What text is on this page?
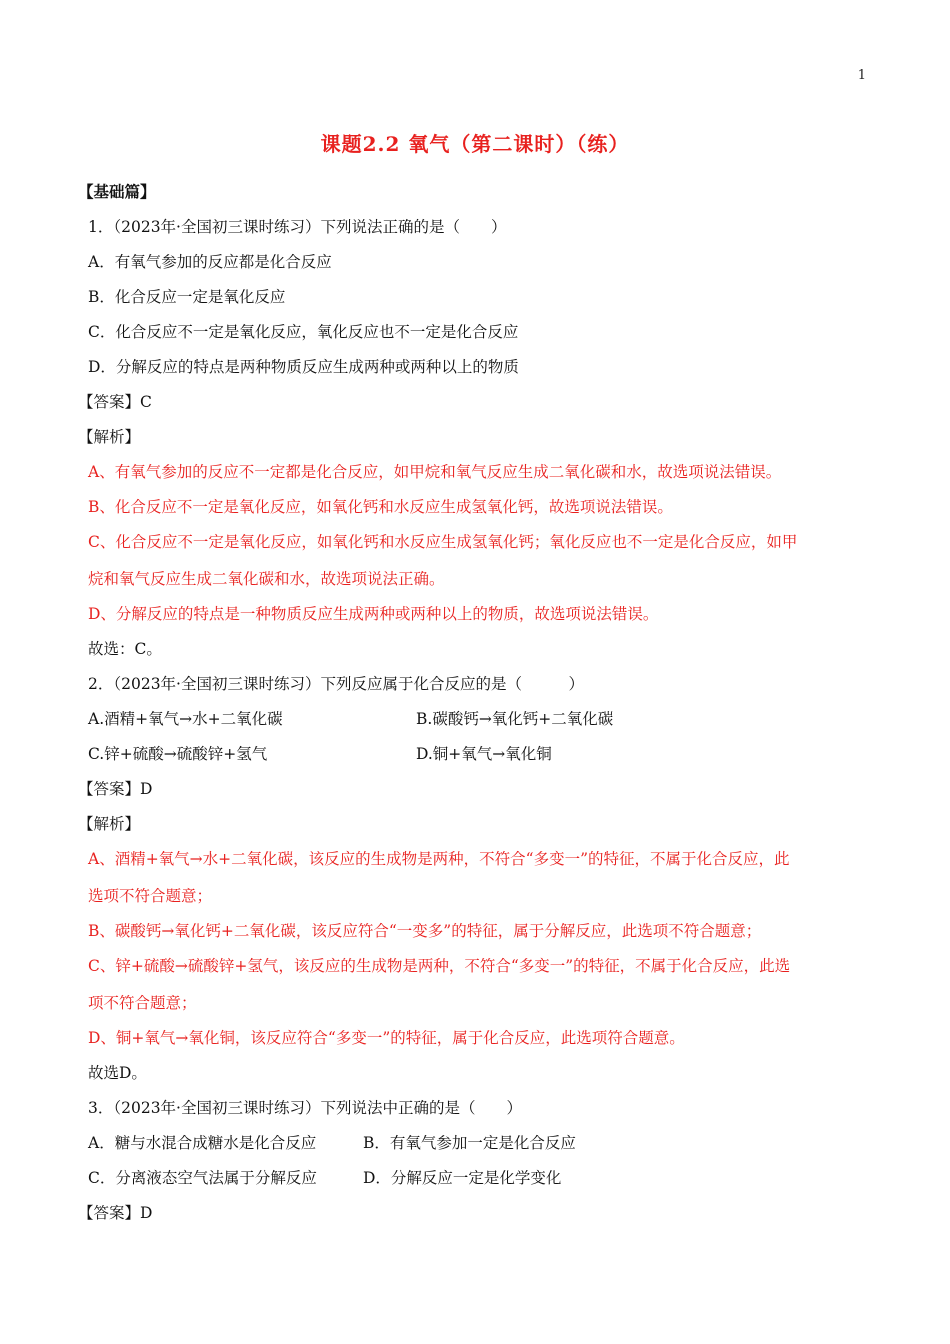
1
课题2.2 氧气（第二课时）（练）
【基础篇】
1．（2023年·全国初三课时练习）下列说法正确的是（　　）
A．有氧气参加的反应都是化合反应
B．化合反应一定是氧化反应
C．化合反应不一定是氧化反应，氧化反应也不一定是化合反应
D．分解反应的特点是两种物质反应生成两种或两种以上的物质
【答案】C
【解析】
A、有氧气参加的反应不一定都是化合反应，如甲烷和氧气反应生成二氧化碳和水，故选项说法错误。
B、化合反应不一定是氧化反应，如氧化钙和水反应生成氢氧化钙，故选项说法错误。
C、化合反应不一定是氧化反应，如氧化钙和水反应生成氢氧化钙；氧化反应也不一定是化合反应，如甲
烷和氧气反应生成二氧化碳和水，故选项说法正确。
D、分解反应的特点是一种物质反应生成两种或两种以上的物质，故选项说法错误。
故选：C。
2．（2023年·全国初三课时练习）下列反应属于化合反应的是（　　　）
A.酒精+氧气→水+二氧化碳	B.碳酸钙→氧化钙+二氧化碳
C.锌+硫酸→硫酸锌+氢气	D.铜+氧气→氧化铜
【答案】D
【解析】
A、酒精+氧气→水+二氧化碳，该反应的生成物是两种，不符合“多变一”的特征，不属于化合反应，此
选项不符合题意；
B、碳酸钙→氧化钙+二氧化碳，该反应符合“一变多”的特征，属于分解反应，此选项不符合题意；
C、锌+硫酸→硫酸锌+氢气，该反应的生成物是两种，不符合“多变一”的特征，不属于化合反应，此选
项不符合题意；
D、铜+氧气→氧化铜，该反应符合“多变一”的特征，属于化合反应，此选项符合题意。
故选D。
3．（2023年·全国初三课时练习）下列说法中正确的是（　　）
A．糖与水混合成糖水是化合反应	B．有氧气参加一定是化合反应
C．分离液态空气法属于分解反应	D．分解反应一定是化学变化
【答案】D
